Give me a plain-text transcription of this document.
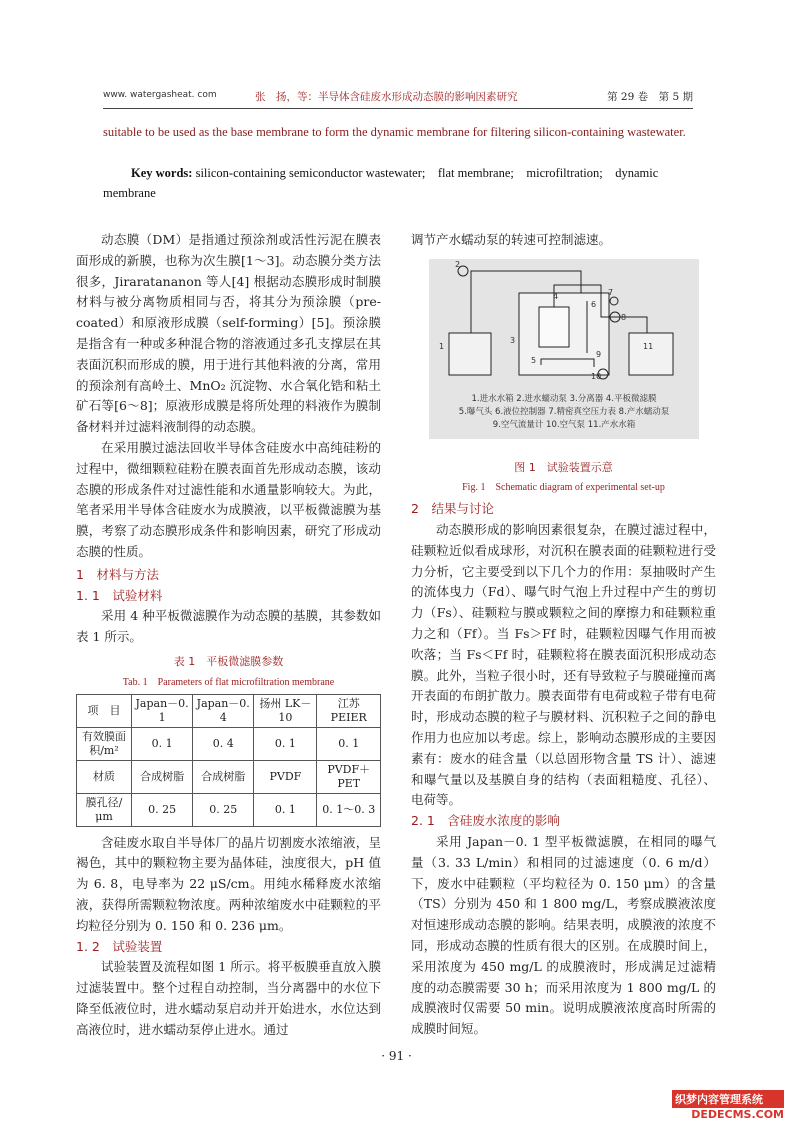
www. watergasheat. com	张　扬，等：半导体含硅废水形成动态膜的影响因素研究	第 29 卷　第 5 期
suitable to be used as the base membrane to form the dynamic membrane for filtering silicon-containing wastewater.
Key words: silicon-containing semiconductor wastewater;　flat membrane;　microfiltration;　dynamic membrane

动态膜（DM）是指通过预涂剂或活性污泥在膜表面形成的新膜，也称为次生膜[1～3]。动态膜分类方法很多，Jiraratananon 等人[4] 根据动态膜形成时制膜材料与被分离物质相同与否，将其分为预涂膜（pre-coated）和原液形成膜（self-forming）[5]。预涂膜是指含有一种或多种混合物的溶液通过多孔支撑层在其表面沉积而形成的膜，用于进行其他料液的分离，常用的预涂剂有高岭土、MnO₂ 沉淀物、水合氧化锆和粘土矿石等[6～8]；原液形成膜是将所处理的料液作为膜制备材料并过滤料液制得的动态膜。

在采用膜过滤法回收半导体含硅废水中高纯硅粉的过程中，微细颗粒硅粉在膜表面首先形成动态膜，该动态膜的形成条件对过滤性能和水通量影响较大。为此，笔者采用半导体含硅废水为成膜液，以平板微滤膜为基膜，考察了动态膜形成条件和影响因素，研究了形成动态膜的性质。

1　材料与方法
1. 1　试验材料

采用 4 种平板微滤膜作为动态膜的基膜，其参数如表 1 所示。

表 1　平板微滤膜参数
Tab. 1　Parameters of flat microfiltration membrane
项　目	Japan－0. 1	Japan－0. 4	扬州 LK－10	江苏 PEIER
有效膜面积/m²	0. 1	0. 4	0. 1	0. 1
材质	合成树脂	合成树脂	PVDF	PVDF＋PET
膜孔径/μm	0. 25	0. 25	0. 1	0. 1～0. 3

含硅废水取自半导体厂的晶片切割废水浓缩液，呈褐色，其中的颗粒物主要为晶体硅，浊度很大，pH 值为 6. 8，电导率为 22 μS/cm。用纯水稀释废水浓缩液，获得所需颗粒物浓度。两种浓缩废水中硅颗粒的平均粒径分别为 0. 150 和 0. 236 μm。

1. 2　试验装置

试验装置及流程如图 1 所示。将平板膜垂直放入膜过滤装置中。整个过程自动控制，当分离器中的水位下降至低液位时，进水蠕动泵启动并开始进水，水位达到高液位时，进水蠕动泵停止进水。通过

调节产水蠕动泵的转速可控制滤速。
1
2
3
4
5
6
7
8
9
10
11
1.进水水箱 2.进水蠕动泵 3.分离器 4.平板微滤膜
5.曝气头 6.液位控制器 7.精密真空压力表 8.产水蠕动泵
9.空气流量计 10.空气泵 11.产水水箱
图 1　试验装置示意
Fig. 1　Schematic diagram of experimental set-up
2　结果与讨论

动态膜形成的影响因素很复杂，在膜过滤过程中，硅颗粒近似看成球形，对沉积在膜表面的硅颗粒进行受力分析，它主要受到以下几个力的作用：泵抽吸时产生的流体曳力（Fd）、曝气时气泡上升过程中产生的剪切力（Fs）、硅颗粒与膜或颗粒之间的摩擦力和硅颗粒重力之和（Ff）。当 Fs＞Ff 时，硅颗粒因曝气作用而被吹落；当 Fs＜Ff 时，硅颗粒将在膜表面沉积形成动态膜。此外，当粒子很小时，还有导致粒子与膜碰撞而离开表面的布朗扩散力。膜表面带有电荷或粒子带有电荷时，形成动态膜的粒子与膜材料、沉积粒子之间的静电作用力也应加以考虑。综上，影响动态膜形成的主要因素有：废水的硅含量（以总固形物含量 TS 计）、滤速和曝气量以及基膜自身的结构（表面粗糙度、孔径）、电荷等。

2. 1　含硅废水浓度的影响

采用 Japan－0. 1 型平板微滤膜，在相同的曝气量（3. 33 L/min）和相同的过滤速度（0. 6 m/d）下，废水中硅颗粒（平均粒径为 0. 150 μm）的含量（TS）分别为 450 和 1 800 mg/L，考察成膜液浓度对恒速形成动态膜的影响。结果表明，成膜液的浓度不同，形成动态膜的性质有很大的区别。在成膜时间上，采用浓度为 450 mg/L 的成膜液时，形成满足过滤精度的动态膜需要 30 h；而采用浓度为 1 800 mg/L 的成膜液时仅需要 50 min。说明成膜液浓度高时所需的成膜时间短。

· 91 ·
织梦内容管理系统
DEDECMS.COM
